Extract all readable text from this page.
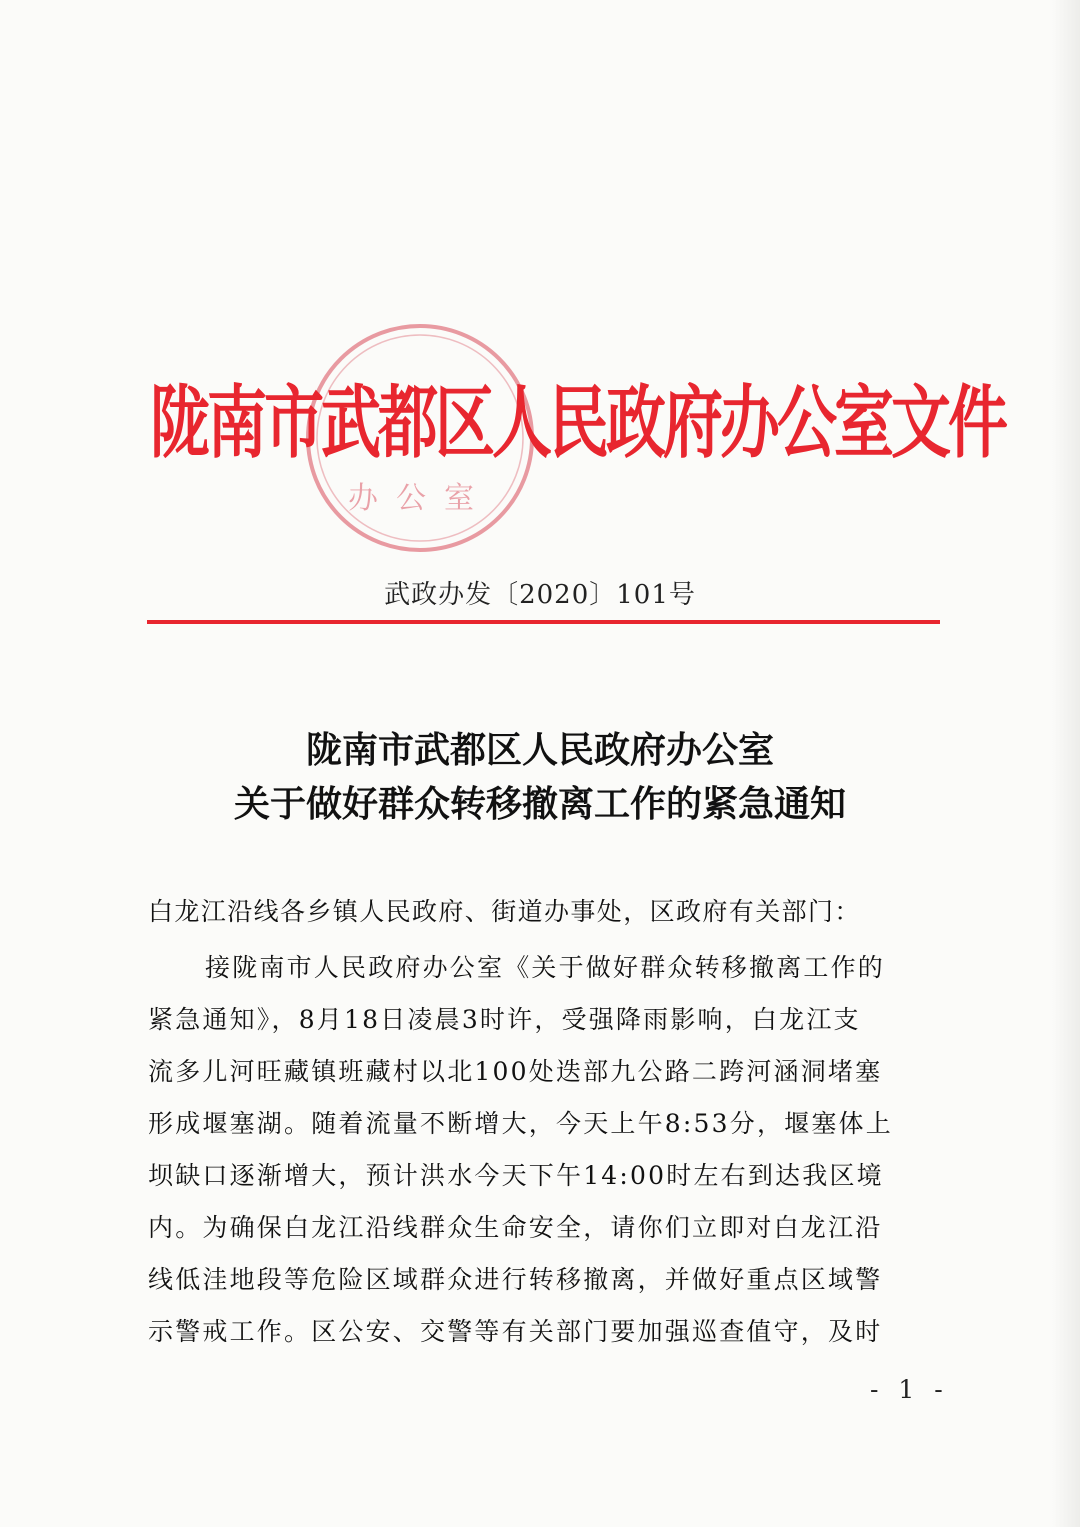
办公室
陇南市武都区人民政府办公室文件
武政办发〔2020〕101号
陇南市武都区人民政府办公室
关于做好群众转移撤离工作的紧急通知
白龙江沿线各乡镇人民政府、街道办事处，区政府有关部门：
接陇南市人民政府办公室《关于做好群众转移撤离工作的
紧急通知》，8月18日凌晨3时许，受强降雨影响，白龙江支
流多儿河旺藏镇班藏村以北100处迭部九公路二跨河涵洞堵塞
形成堰塞湖。随着流量不断增大，今天上午8:53分，堰塞体上
坝缺口逐渐增大，预计洪水今天下午14:00时左右到达我区境
内。为确保白龙江沿线群众生命安全，请你们立即对白龙江沿
线低洼地段等危险区域群众进行转移撤离，并做好重点区域警
示警戒工作。区公安、交警等有关部门要加强巡查值守，及时
- 1 -
